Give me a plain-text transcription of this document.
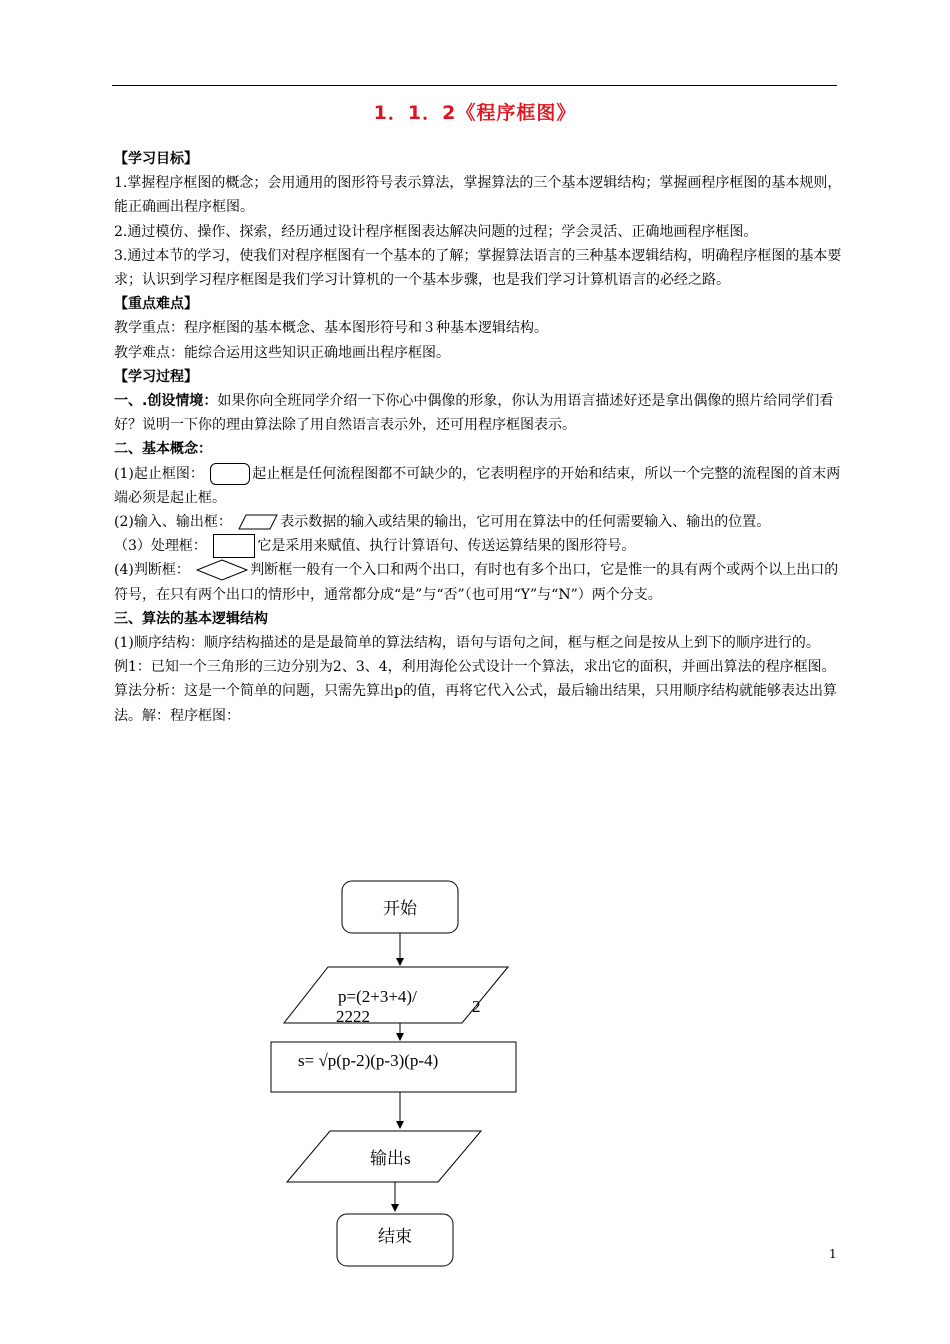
1．1．2《程序框图》

【学习目标】

1.掌握程序框图的概念；会用通用的图形符号表示算法，掌握算法的三个基本逻辑结构；掌握画程序框图的基本规则，能正确画出程序框图。

2.通过模仿、操作、探索，经历通过设计程序框图表达解决问题的过程；学会灵活、正确地画程序框图。

3.通过本节的学习，使我们对程序框图有一个基本的了解；掌握算法语言的三种基本逻辑结构，明确程序框图的基本要求；认识到学习程序框图是我们学习计算机的一个基本步骤，也是我们学习计算机语言的必经之路。

【重点难点】

教学重点：程序框图的基本概念、基本图形符号和３种基本逻辑结构。

教学难点：能综合运用这些知识正确地画出程序框图。

【学习过程】

一、.创设情境：如果你向全班同学介绍一下你心中偶像的形象，你认为用语言描述好还是拿出偶像的照片给同学们看好？说明一下你的理由算法除了用自然语言表示外，还可用程序框图表示。

二、基本概念：

(1)起止框图：	起止框是任何流程图都不可缺少的，它表明程序的开始和结束，所以一个完整的流程图的首末两端必须是起止框。

(2)输入、输出框：	表示数据的输入或结果的输出，它可用在算法中的任何需要输入、输出的位置。

（3）处理框：	它是采用来赋值、执行计算语句、传送运算结果的图形符号。

(4)判断框：	判断框一般有一个入口和两个出口，有时也有多个出口，它是惟一的具有两个或两个以上出口的符号，在只有两个出口的情形中，通常都分成“是”与“否”（也可用“Y”与“N”）两个分支。

三、算法的基本逻辑结构

(1)顺序结构：顺序结构描述的是是最简单的算法结构，语句与语句之间，框与框之间是按从上到下的顺序进行的。

例1：已知一个三角形的三边分别为2、3、4，利用海伦公式设计一个算法，求出它的面积，并画出算法的程序框图。

算法分析：这是一个简单的问题，只需先算出p的值，再将它代入公式，最后输出结果，只用顺序结构就能够表达出算法。解：程序框图：

开始
p=(2+3+4)/
2222
2
s= √p(p-2)(p-3)(p-4)
输出s
结束
1
